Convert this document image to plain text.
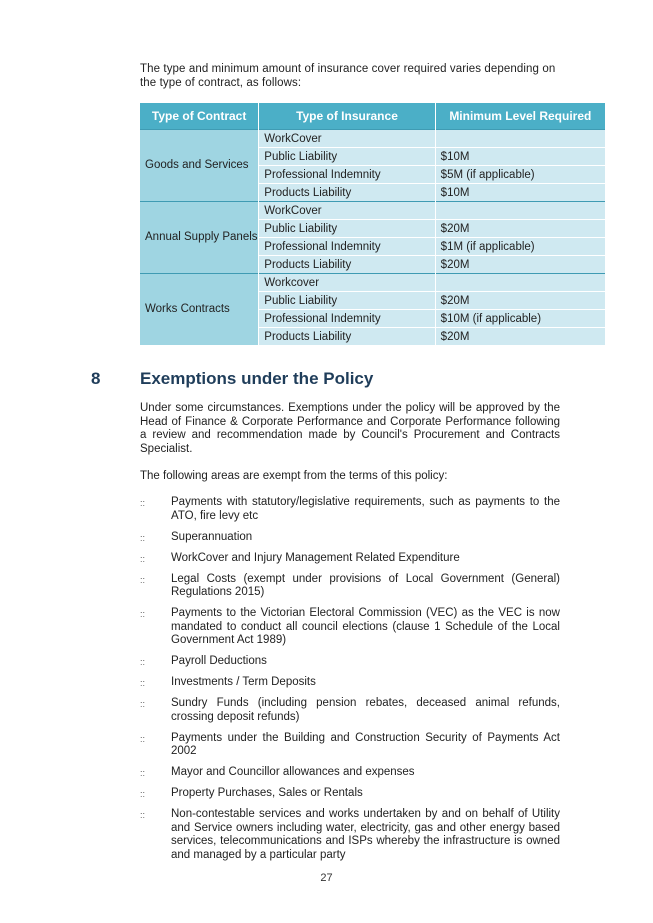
The type and minimum amount of insurance cover required varies depending on the type of contract, as follows:
Type of Contract	Type of Insurance	Minimum Level Required
Goods and Services	WorkCover	
	Public Liability	$10M
	Professional Indemnity	$5M (if applicable)
	Products Liability	$10M
Annual Supply Panels	WorkCover	
	Public Liability	$20M
	Professional Indemnity	$1M (if applicable)
	Products Liability	$20M
Works Contracts	Workcover	
	Public Liability	$20M
	Professional Indemnity	$10M (if applicable)
	Products Liability	$20M
8 Exemptions under the Policy
Under some circumstances. Exemptions under the policy will be approved by the Head of Finance & Corporate Performance and Corporate Performance following a review and recommendation made by Council's Procurement and Contracts Specialist.
The following areas are exempt from the terms of this policy:
:: Payments with statutory/legislative requirements, such as payments to the ATO, fire levy etc
:: Superannuation
:: WorkCover and Injury Management Related Expenditure
:: Legal Costs (exempt under provisions of Local Government (General) Regulations 2015)
:: Payments to the Victorian Electoral Commission (VEC) as the VEC is now mandated to conduct all council elections (clause 1 Schedule of the Local Government Act 1989)
:: Payroll Deductions
:: Investments / Term Deposits
:: Sundry Funds (including pension rebates, deceased animal refunds, crossing deposit refunds)
:: Payments under the Building and Construction Security of Payments Act 2002
:: Mayor and Councillor allowances and expenses
:: Property Purchases, Sales or Rentals
:: Non-contestable services and works undertaken by and on behalf of Utility and Service owners including water, electricity, gas and other energy based services, telecommunications and ISPs whereby the infrastructure is owned and managed by a particular party
27
